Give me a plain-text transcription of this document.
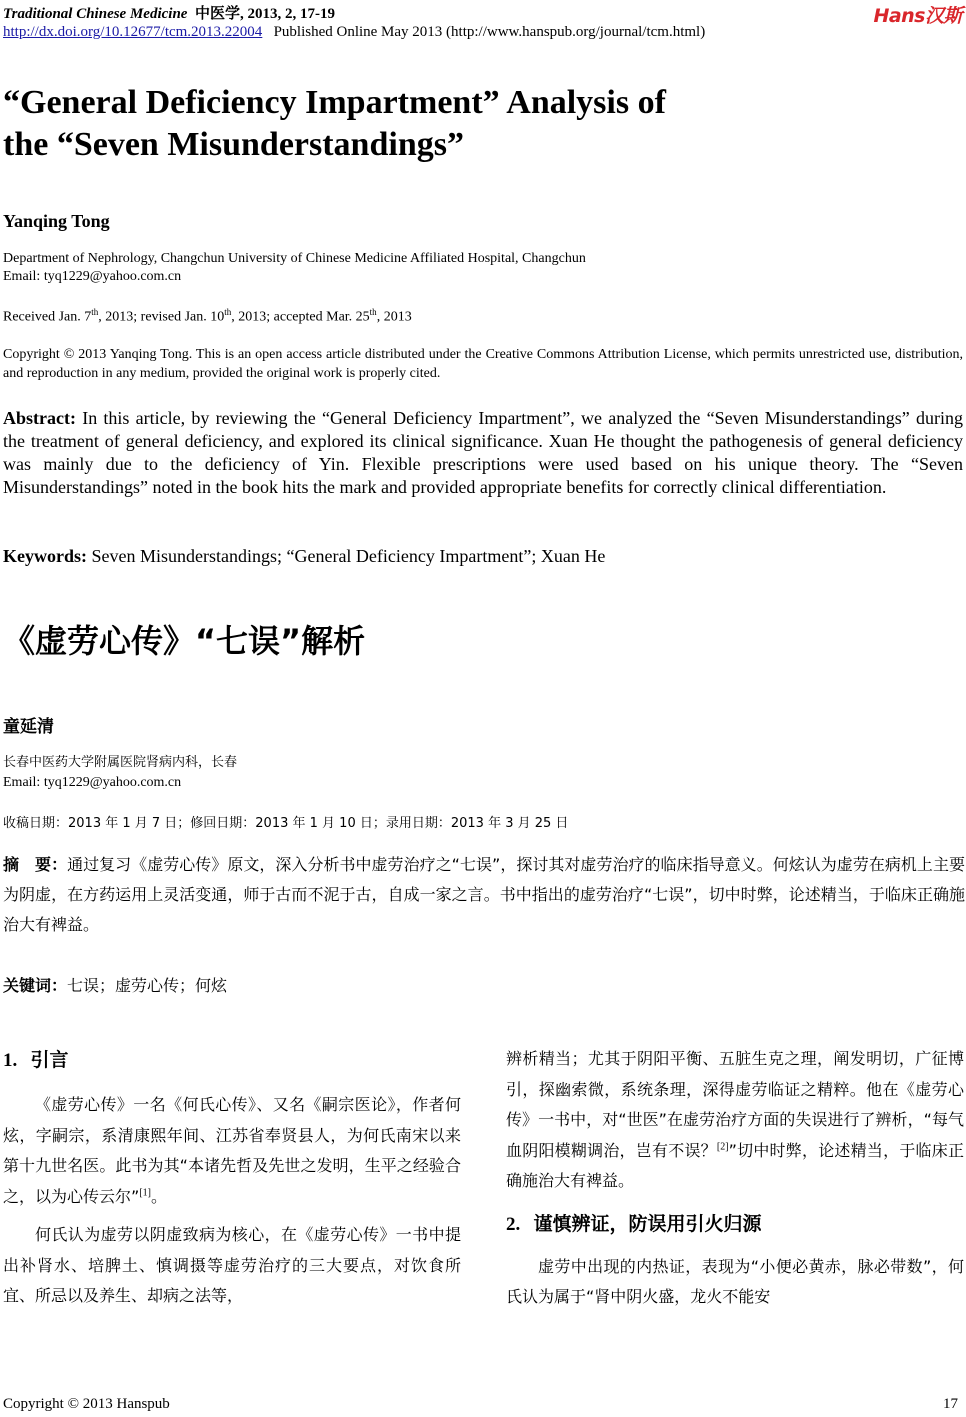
Traditional Chinese Medicine 中医学, 2013, 2, 17-19
http://dx.doi.org/10.12677/tcm.2013.22004 Published Online May 2013 (http://www.hanspub.org/journal/tcm.html)
Hans汉斯
“General Deficiency Impartment” Analysis of
the “Seven Misunderstandings”
Yanqing Tong
Department of Nephrology, Changchun University of Chinese Medicine Affiliated Hospital, Changchun
Email: tyq1229@yahoo.com.cn
Received Jan. 7th, 2013; revised Jan. 10th, 2013; accepted Mar. 25th, 2013
Copyright © 2013 Yanqing Tong. This is an open access article distributed under the Creative Commons Attribution License, which permits unrestricted use, distribution, and reproduction in any medium, provided the original work is properly cited.
Abstract: In this article, by reviewing the “General Deficiency Impartment”, we analyzed the “Seven Misunderstandings” during the treatment of general deficiency, and explored its clinical significance. Xuan He thought the pathogenesis of general deficiency was mainly due to the deficiency of Yin. Flexible prescriptions were used based on his unique theory. The “Seven Misunderstandings” noted in the book hits the mark and provided appropriate benefits for correctly clinical differentiation.
Keywords: Seven Misunderstandings; “General Deficiency Impartment”; Xuan He
《虚劳心传》“七误”解析
童延清
长春中医药大学附属医院肾病内科，长春
Email: tyq1229@yahoo.com.cn
收稿日期：2013 年 1 月 7 日；修回日期：2013 年 1 月 10 日；录用日期：2013 年 3 月 25 日
摘　要：通过复习《虚劳心传》原文，深入分析书中虚劳治疗之“七误”，探讨其对虚劳治疗的临床指导意义。何炫认为虚劳在病机上主要为阴虚，在方药运用上灵活变通，师于古而不泥于古，自成一家之言。书中指出的虚劳治疗“七误”，切中时弊，论述精当，于临床正确施治大有裨益。
关键词：七误；虚劳心传；何炫
1. 引言

《虚劳心传》一名《何氏心传》、又名《嗣宗医论》，作者何炫，字嗣宗，系清康熙年间、江苏省奉贤县人，为何氏南宋以来第十九世名医。此书为其“本诸先哲及先世之发明，生平之经验合之，以为心传云尔”[1]。

何氏认为虚劳以阴虚致病为核心，在《虚劳心传》一书中提出补肾水、培脾土、慎调摄等虚劳治疗的三大要点，对饮食所宜、所忌以及养生、却病之法等，

辨析精当；尤其于阴阳平衡、五脏生克之理，阐发明切，广征博引，探幽索微，系统条理，深得虚劳临证之精粹。他在《虚劳心传》一书中，对“世医”在虚劳治疗方面的失误进行了辨析，“每气血阴阳模糊调治，岂有不误？[2]”切中时弊，论述精当，于临床正确施治大有裨益。

2. 谨慎辨证，防误用引火归源

虚劳中出现的内热证，表现为“小便必黄赤，脉必带数”，何氏认为属于“肾中阴火盛，龙火不能安

Copyright © 2013 Hanspub	17
